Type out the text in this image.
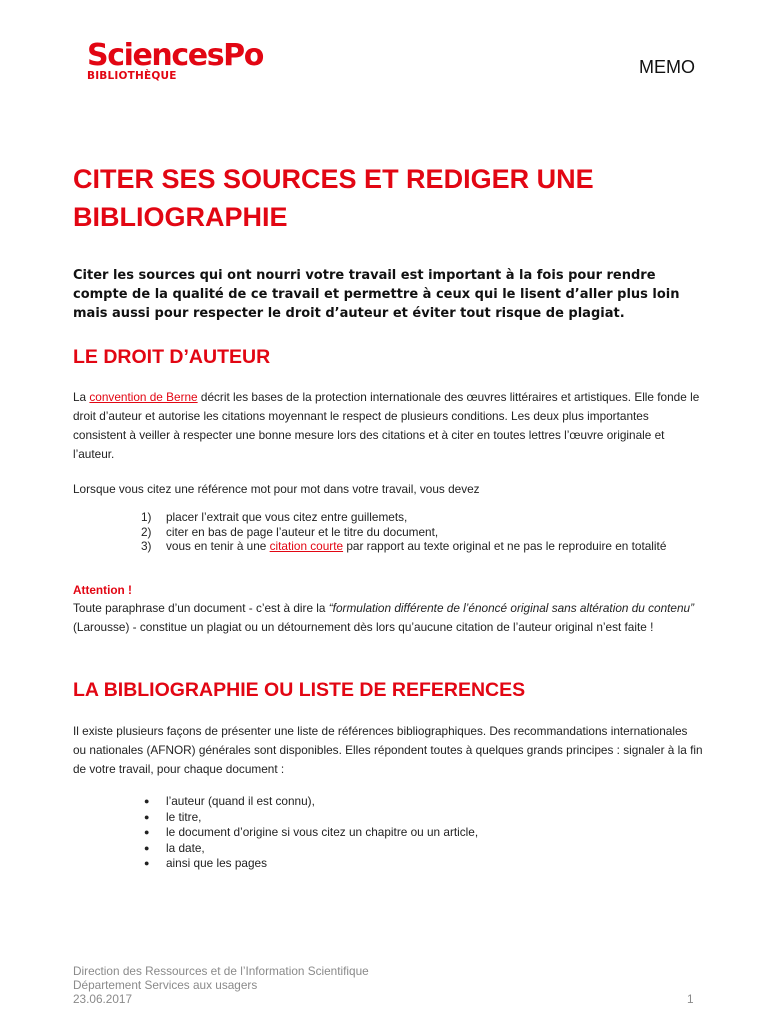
SciencesPo
BIBLIOTHÈQUE	MEMO
CITER SES SOURCES ET REDIGER UNE BIBLIOGRAPHIE

Citer les sources qui ont nourri votre travail est important à la fois pour rendre compte de la qualité de ce travail et permettre à ceux qui le lisent d’aller plus loin mais aussi pour respecter le droit d’auteur et éviter tout risque de plagiat.

LE DROIT D’AUTEUR

La convention de Berne décrit les bases de la protection internationale des œuvres littéraires et artistiques. Elle fonde le droit d’auteur et autorise les citations moyennant le respect de plusieurs conditions. Les deux plus importantes consistent à veiller à respecter une bonne mesure lors des citations et à citer en toutes lettres l’œuvre originale et l’auteur.

Lorsque vous citez une référence mot pour mot dans votre travail, vous devez

1) placer l’extrait que vous citez entre guillemets,
2) citer en bas de page l’auteur et le titre du document,
3) vous en tenir à une citation courte par rapport au texte original et ne pas le reproduire en totalité

Attention !

Toute paraphrase d’un document - c’est à dire la “formulation différente de l’énoncé original sans altération du contenu” (Larousse) - constitue un plagiat ou un détournement dès lors qu’aucune citation de l’auteur original n’est faite !

LA BIBLIOGRAPHIE OU LISTE DE REFERENCES

Il existe plusieurs façons de présenter une liste de références bibliographiques. Des recommandations internationales ou nationales (AFNOR) générales sont disponibles. Elles répondent toutes à quelques grands principes : signaler à la fin de votre travail, pour chaque document :

● l’auteur (quand il est connu),
● le titre,
● le document d’origine si vous citez un chapitre ou un article,
● la date,
● ainsi que les pages
Direction des Ressources et de l’Information Scientifique
Département Services aux usagers
23.06.2017	1
